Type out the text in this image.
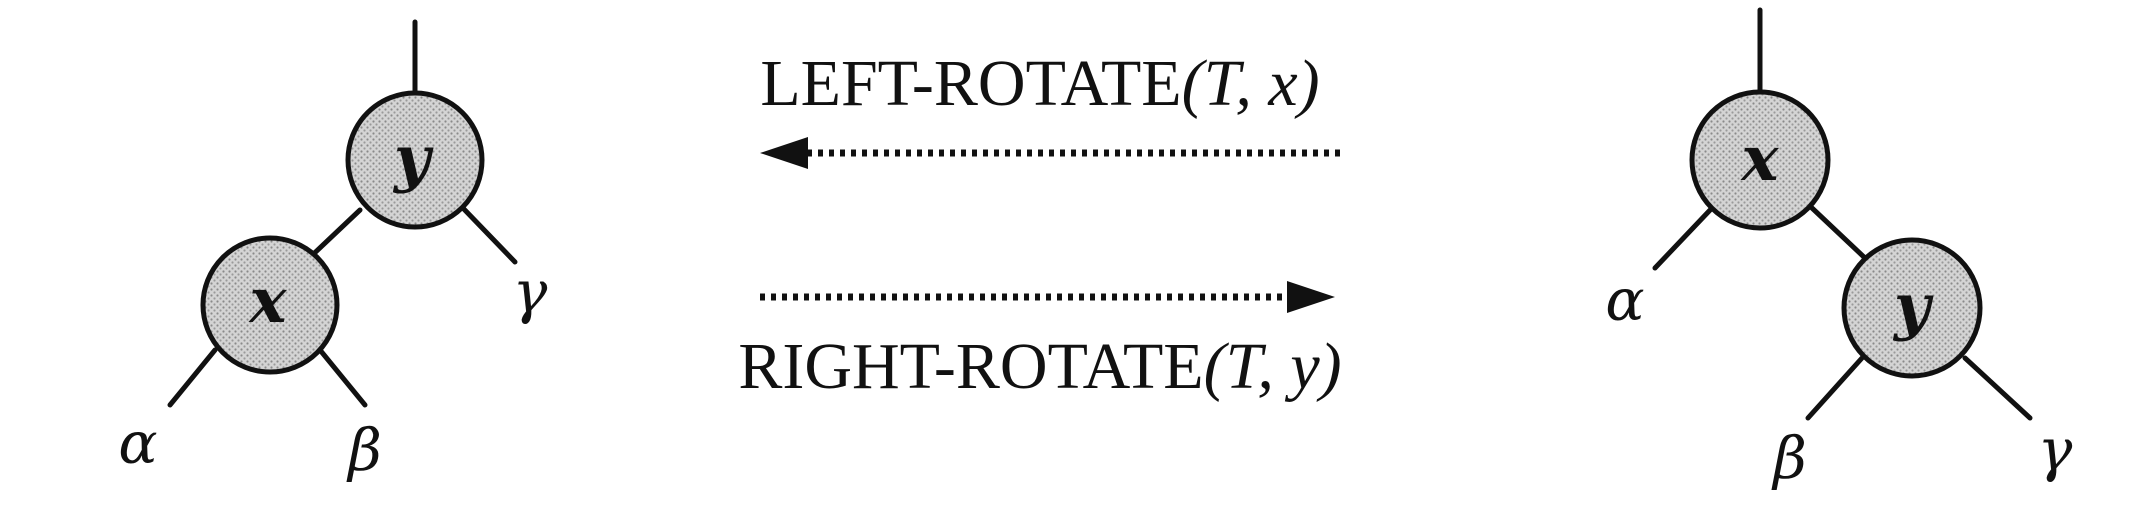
y
x	γ
α	β
LEFT-ROTATE(T, x)
RIGHT-ROTATE(T, y)
x
y
α
β	γ
